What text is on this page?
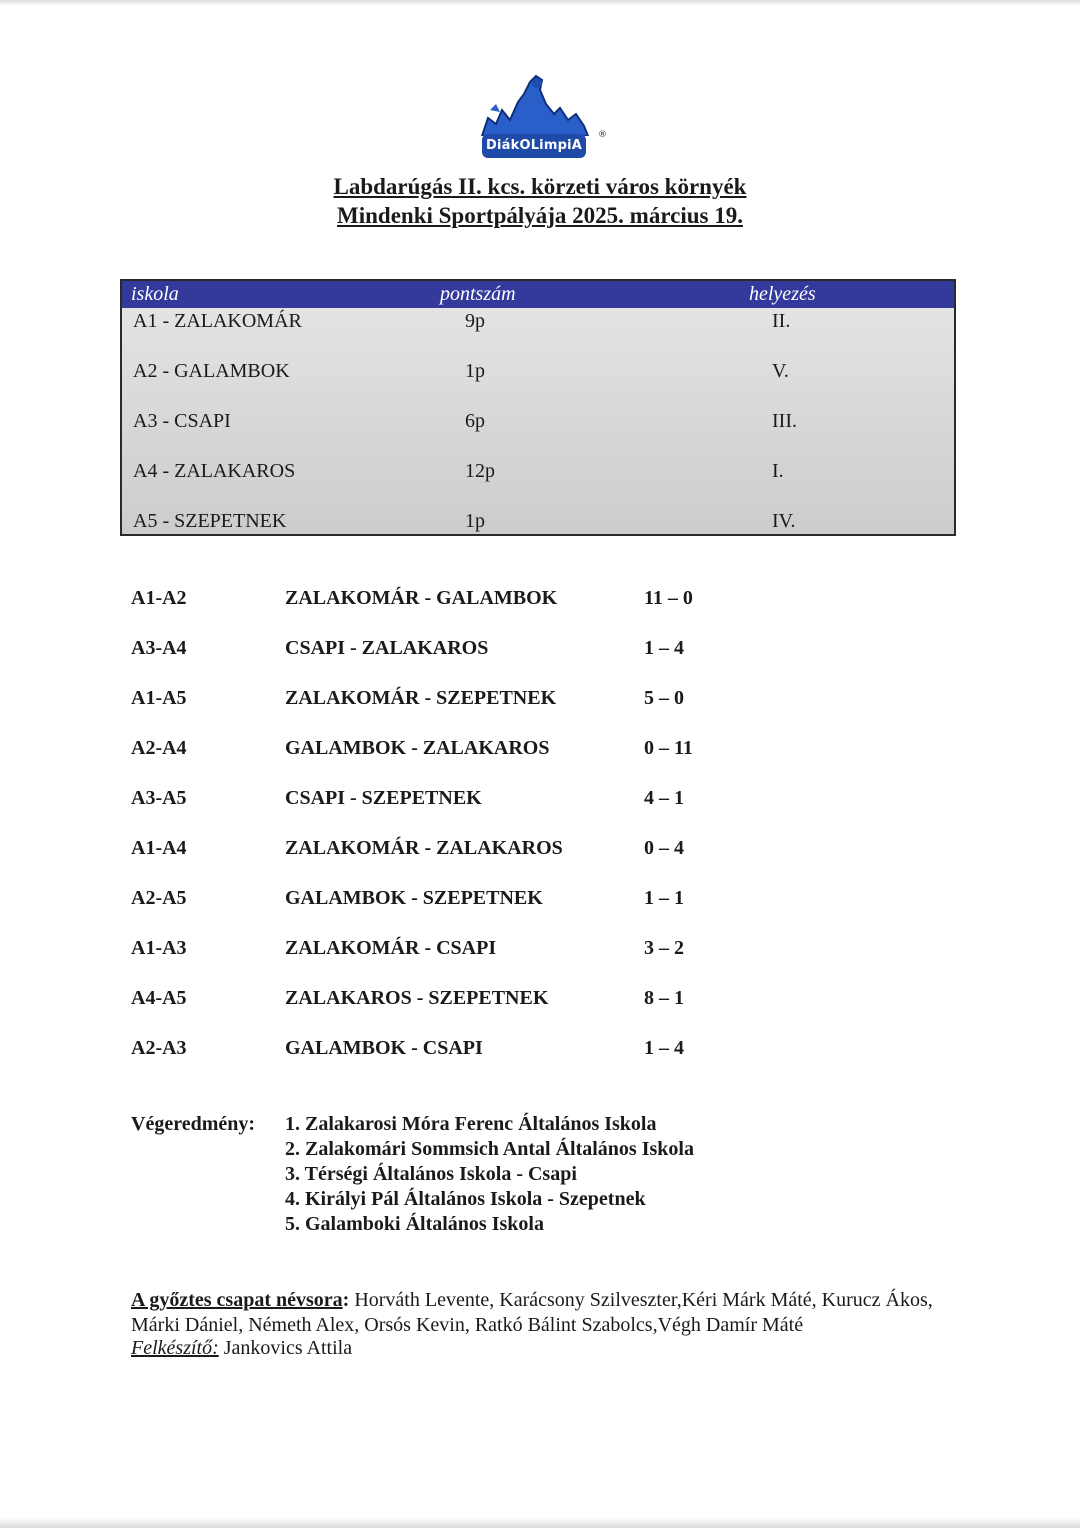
DiákOLimpiA
®
Labdarúgás II. kcs. körzeti város környék
Mindenki Sportpályája 2025. március 19.
iskola	pontszám	helyezés
A1 - ZALAKOMÁR	9p	II.
A2 - GALAMBOK	1p	V.
A3 - CSAPI	6p	III.
A4 - ZALAKAROS	12p	I.
A5 - SZEPETNEK	1p	IV.
A1-A2	ZALAKOMÁR - GALAMBOK	11 – 0
A3-A4	CSAPI - ZALAKAROS	1 – 4
A1-A5	ZALAKOMÁR - SZEPETNEK	5 – 0
A2-A4	GALAMBOK - ZALAKAROS	0 – 11
A3-A5	CSAPI - SZEPETNEK	4 – 1
A1-A4	ZALAKOMÁR - ZALAKAROS	0 – 4
A2-A5	GALAMBOK - SZEPETNEK	1 – 1
A1-A3	ZALAKOMÁR - CSAPI	3 – 2
A4-A5	ZALAKAROS - SZEPETNEK	8 – 1
A2-A3	GALAMBOK - CSAPI	1 – 4
Végeredmény: 1. Zalakarosi Móra Ferenc Általános Iskola
2. Zalakomári Sommsich Antal Általános Iskola
3. Térségi Általános Iskola - Csapi
4. Királyi Pál Általános Iskola - Szepetnek
5. Galamboki Általános Iskola
A győztes csapat névsora: Horváth Levente, Karácsony Szilveszter,Kéri Márk Máté, Kurucz Ákos, Márki Dániel, Németh Alex, Orsós Kevin, Ratkó Bálint Szabolcs,Végh Damír Máté
Felkészítő: Jankovics Attila
